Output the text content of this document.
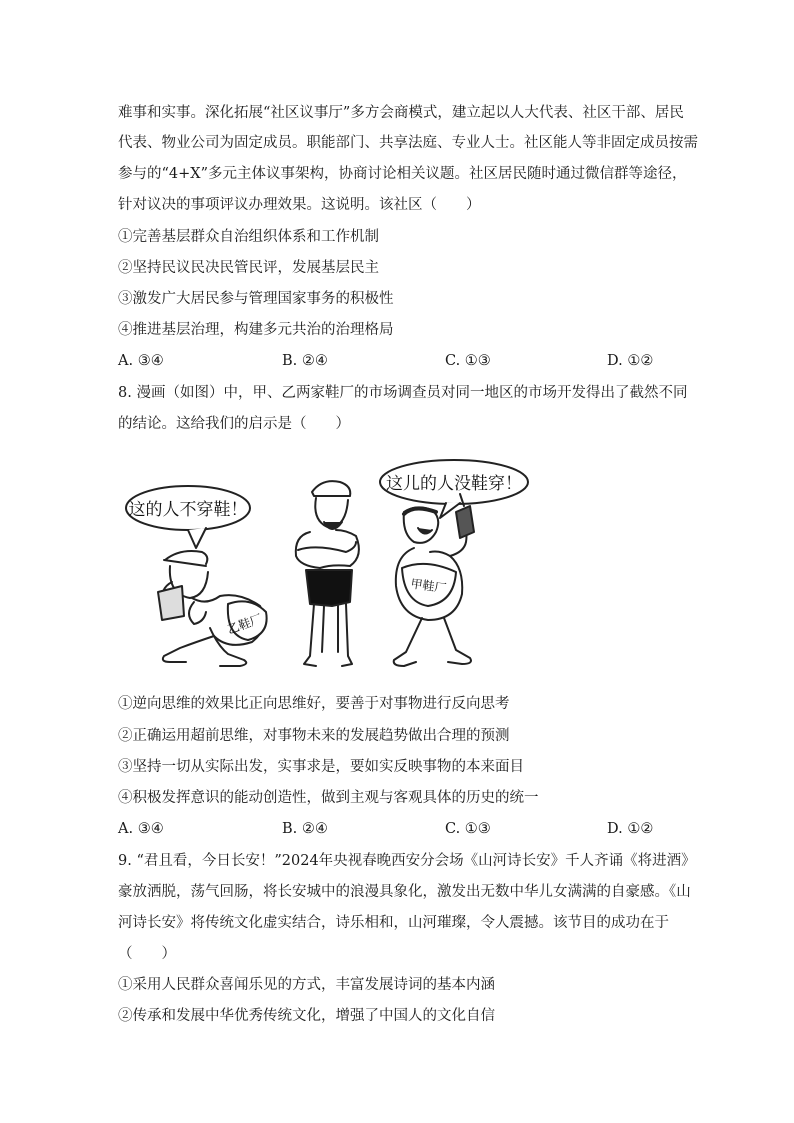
难事和实事。深化拓展“社区议事厅”多方会商模式，建立起以人大代表、社区干部、居民
代表、物业公司为固定成员。职能部门、共享法庭、专业人士。社区能人等非固定成员按需
参与的“4+X”多元主体议事架构，协商讨论相关议题。社区居民随时通过微信群等途径，
针对议决的事项评议办理效果。这说明。该社区（　　）
①完善基层群众自治组织体系和工作机制
②坚持民议民决民管民评，发展基层民主
③激发广大居民参与管理国家事务的积极性
④推进基层治理，构建多元共治的治理格局
A. ③④	B. ②④	C. ①③	D. ①②
8. 漫画（如图）中，甲、乙两家鞋厂的市场调查员对同一地区的市场开发得出了截然不同
的结论。这给我们的启示是（　　）
这的人不穿鞋！
这儿的人没鞋穿！
乙鞋厂
甲鞋厂
①逆向思维的效果比正向思维好，要善于对事物进行反向思考
②正确运用超前思维，对事物未来的发展趋势做出合理的预测
③坚持一切从实际出发，实事求是，要如实反映事物的本来面目
④积极发挥意识的能动创造性，做到主观与客观具体的历史的统一
A. ③④	B. ②④	C. ①③	D. ①②
9. “君且看，今日长安！”2024年央视春晚西安分会场《山河诗长安》千人齐诵《将进酒》
豪放洒脱，荡气回肠，将长安城中的浪漫具象化，激发出无数中华儿女满满的自豪感。《山
河诗长安》将传统文化虚实结合，诗乐相和，山河璀璨，令人震撼。该节目的成功在于
（　　）
①采用人民群众喜闻乐见的方式，丰富发展诗词的基本内涵
②传承和发展中华优秀传统文化，增强了中国人的文化自信
